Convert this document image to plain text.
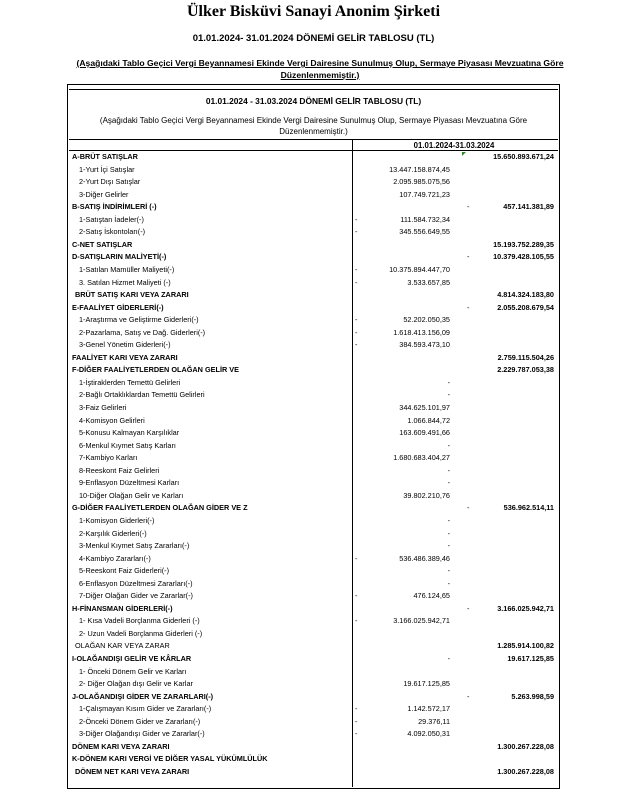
Ülker Bisküvi Sanayi Anonim Şirketi
01.01.2024- 31.01.2024 DÖNEMİ GELİR TABLOSU (TL)
(Aşağıdaki Tablo Geçici Vergi Beyannamesi Ekinde Vergi Dairesine Sunulmuş Olup, Sermaye Piyasası Mevzuatına Göre
Düzenlenmemiştir.)
01.01.2024 - 31.03.2024 DÖNEMİ GELİR TABLOSU (TL)
(Aşağıdaki Tablo Geçici Vergi Beyannamesi Ekinde Vergi Dairesine Sunulmuş Olup, Sermaye Piyasası Mevzuatına Göre
Düzenlenmemiştir.)
01.01.2024-31.03.2024
A-BRÜT SATIŞLAR	15.650.893.671,24
1-Yurt İçi Satışlar	13.447.158.874,45
2-Yurt Dışı Satışlar	2.095.985.075,56
3-Diğer Gelirler	107.749.721,23
B-SATIŞ İNDİRİMLERİ (-)	-	457.141.381,89
1-Satıştan İadeler(-)	-	111.584.732,34
2-Satış İskontoları(-)	-	345.556.649,55
C-NET SATIŞLAR	15.193.752.289,35
D-SATIŞLARIN MALİYETİ(-)	-	10.379.428.105,55
1-Satılan Mamüller Maliyeti(-)	-	10.375.894.447,70
3. Satılan Hizmet Maliyeti (-)	-	3.533.657,85
BRÜT SATIŞ KARI VEYA ZARARI	4.814.324.183,80
E-FAALİYET GİDERLERİ(-)	-	2.055.208.679,54
1-Araştırma ve Geliştirme Giderleri(-)	-	52.202.050,35
2-Pazarlama, Satış ve Dağ. Giderleri(-)	-	1.618.413.156,09
3-Genel Yönetim Giderleri(-)	-	384.593.473,10
FAALİYET KARI VEYA ZARARI	2.759.115.504,26
F-DİĞER FAALİYETLERDEN OLAĞAN GELİR VE	2.229.787.053,38
1-İştiraklerden Temettü Gelirleri	-
2-Bağlı Ortaklıklardan Temettü Gelirleri	-
3-Faiz Gelirleri	344.625.101,97
4-Komisyon Gelirleri	1.066.844,72
5-Konusu Kalmayan Karşılıklar	163.609.491,66
6-Menkul Kıymet Satış Karları	-
7-Kambiyo Karları	1.680.683.404,27
8-Reeskont Faiz Gelirleri	-
9-Enflasyon Düzeltmesi Karları	-
10-Diğer Olağan Gelir ve Karları	39.802.210,76
G-DİĞER FAALİYETLERDEN OLAĞAN GİDER VE Z	-	536.962.514,11
1-Komisyon Giderleri(-)	-
2-Karşılık Giderleri(-)	-
3-Menkul Kıymet Satış Zararları(-)	-
4-Kambiyo Zararları(-)	-	536.486.389,46
5-Reeskont Faiz Giderleri(-)	-
6-Enflasyon Düzeltmesi Zararları(-)	-
7-Diğer Olağan Gider ve Zararlar(-)	-	476.124,65
H-FİNANSMAN GİDERLERİ(-)	-	3.166.025.942,71
1- Kısa Vadeli Borçlanma Giderleri (-)	-	3.166.025.942,71
2- Uzun Vadeli Borçlanma Giderleri (-)
OLAĞAN KAR VEYA ZARAR	1.285.914.100,82
I-OLAĞANDIŞI GELİR VE KÂRLAR	-	19.617.125,85
1- Önceki Dönem Gelir ve Karları
2- Diğer Olağan dışı Gelir ve Karlar	19.617.125,85
J-OLAĞANDIŞI GİDER VE ZARARLARI(-)	-	5.263.998,59
1-Çalışmayan Kısım Gider ve Zararları(-)	-	1.142.572,17
2-Önceki Dönem Gider ve Zararları(-)	-	29.376,11
3-Diğer Olağandışı Gider ve Zararlar(-)	-	4.092.050,31
DÖNEM KARI VEYA ZARARI	1.300.267.228,08
K-DÖNEM KARI VERGİ VE DİĞER YASAL YÜKÜMLÜLÜK
DÖNEM NET KARI VEYA ZARARI	1.300.267.228,08
